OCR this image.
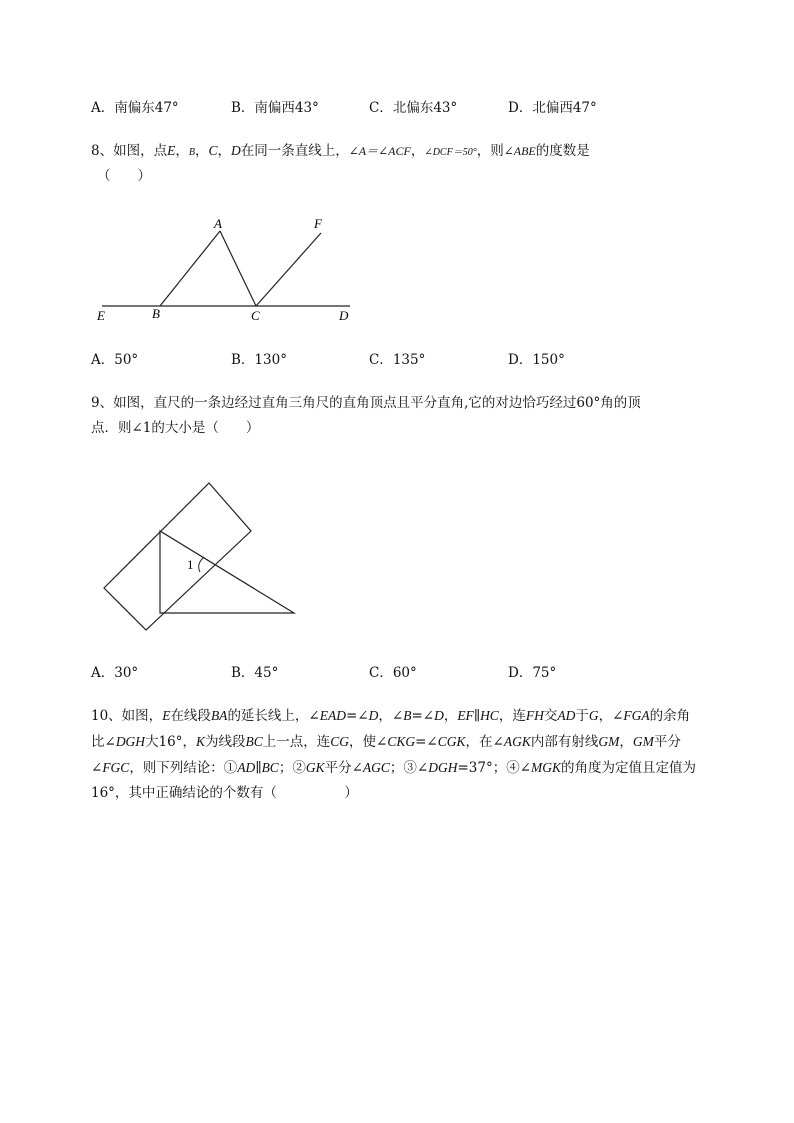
A．南偏东47°	B．南偏西43°	C．北偏东43°	D．北偏西47°
8、如图，点E，B，C，D在同一条直线上，∠A＝∠ACF，∠DCF＝50°，则∠ABE的度数是
（　　）
A	F
E	B	C	D
A．50°	B．130°	C．135°	D．150°
9、如图，直尺的一条边经过直角三角尺的直角顶点且平分直角,它的对边恰巧经过60°角的顶
点．则∠1的大小是（　　）
1
A．30°	B．45°	C．60°	D．75°
10、如图，E在线段BA的延长线上，∠EAD=∠D，∠B=∠D，EF∥HC，连FH交AD于G，∠FGA的余角
比∠DGH大16°，K为线段BC上一点，连CG，使∠CKG=∠CGK，在∠AGK内部有射线GM，GM平分
∠FGC，则下列结论：①AD∥BC；②GK平分∠AGC；③∠DGH=37°；④∠MGK的角度为定值且定值为
16°，其中正确结论的个数有（　　　　　）
